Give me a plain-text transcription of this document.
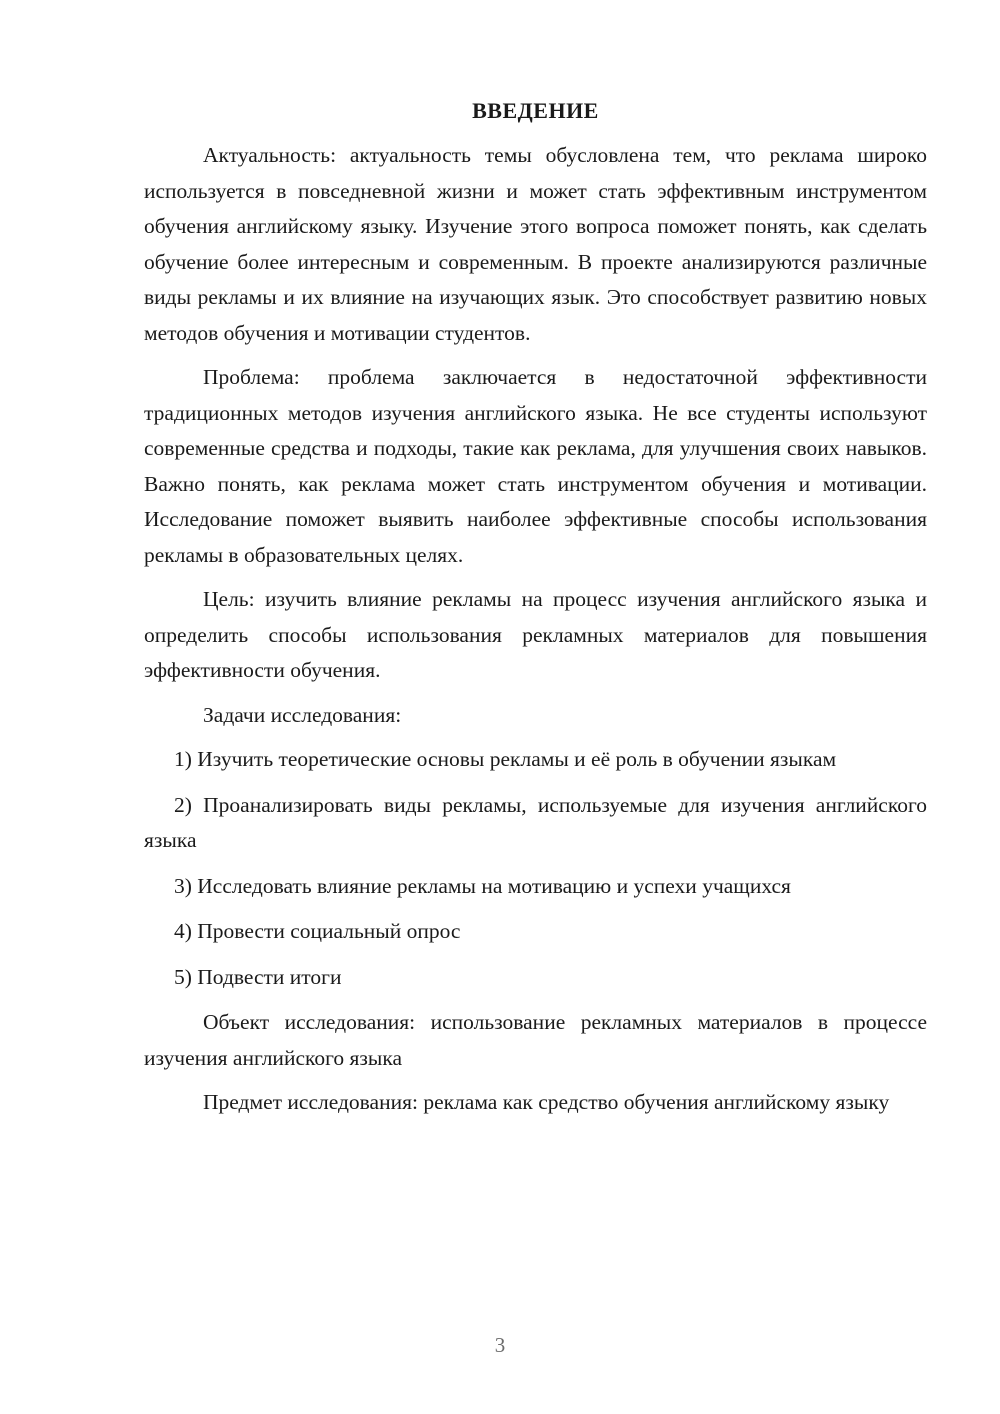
ВВЕДЕНИЕ

Актуальность: актуальность темы обусловлена тем, что реклама широко используется в повседневной жизни и может стать эффективным инструментом обучения английскому языку. Изучение этого вопроса поможет понять, как сделать обучение более интересным и современным. В проекте анализируются различные виды рекламы и их влияние на изучающих язык. Это способствует развитию новых методов обучения и мотивации студентов.

Проблема: проблема заключается в недостаточной эффективности традиционных методов изучения английского языка. Не все студенты используют современные средства и подходы, такие как реклама, для улучшения своих навыков. Важно понять, как реклама может стать инструментом обучения и мотивации. Исследование поможет выявить наиболее эффективные способы использования рекламы в образовательных целях.

Цель: изучить влияние рекламы на процесс изучения английского языка и определить способы использования рекламных материалов для повышения эффективности обучения.

Задачи исследования:

1) Изучить теоретические основы рекламы и её роль в обучении языкам

2) Проанализировать виды рекламы, используемые для изучения английского языка

3) Исследовать влияние рекламы на мотивацию и успехи учащихся

4) Провести социальный опрос

5) Подвести итоги

Объект исследования: использование рекламных материалов в процессе изучения английского языка

Предмет исследования: реклама как средство обучения английскому языку

3
